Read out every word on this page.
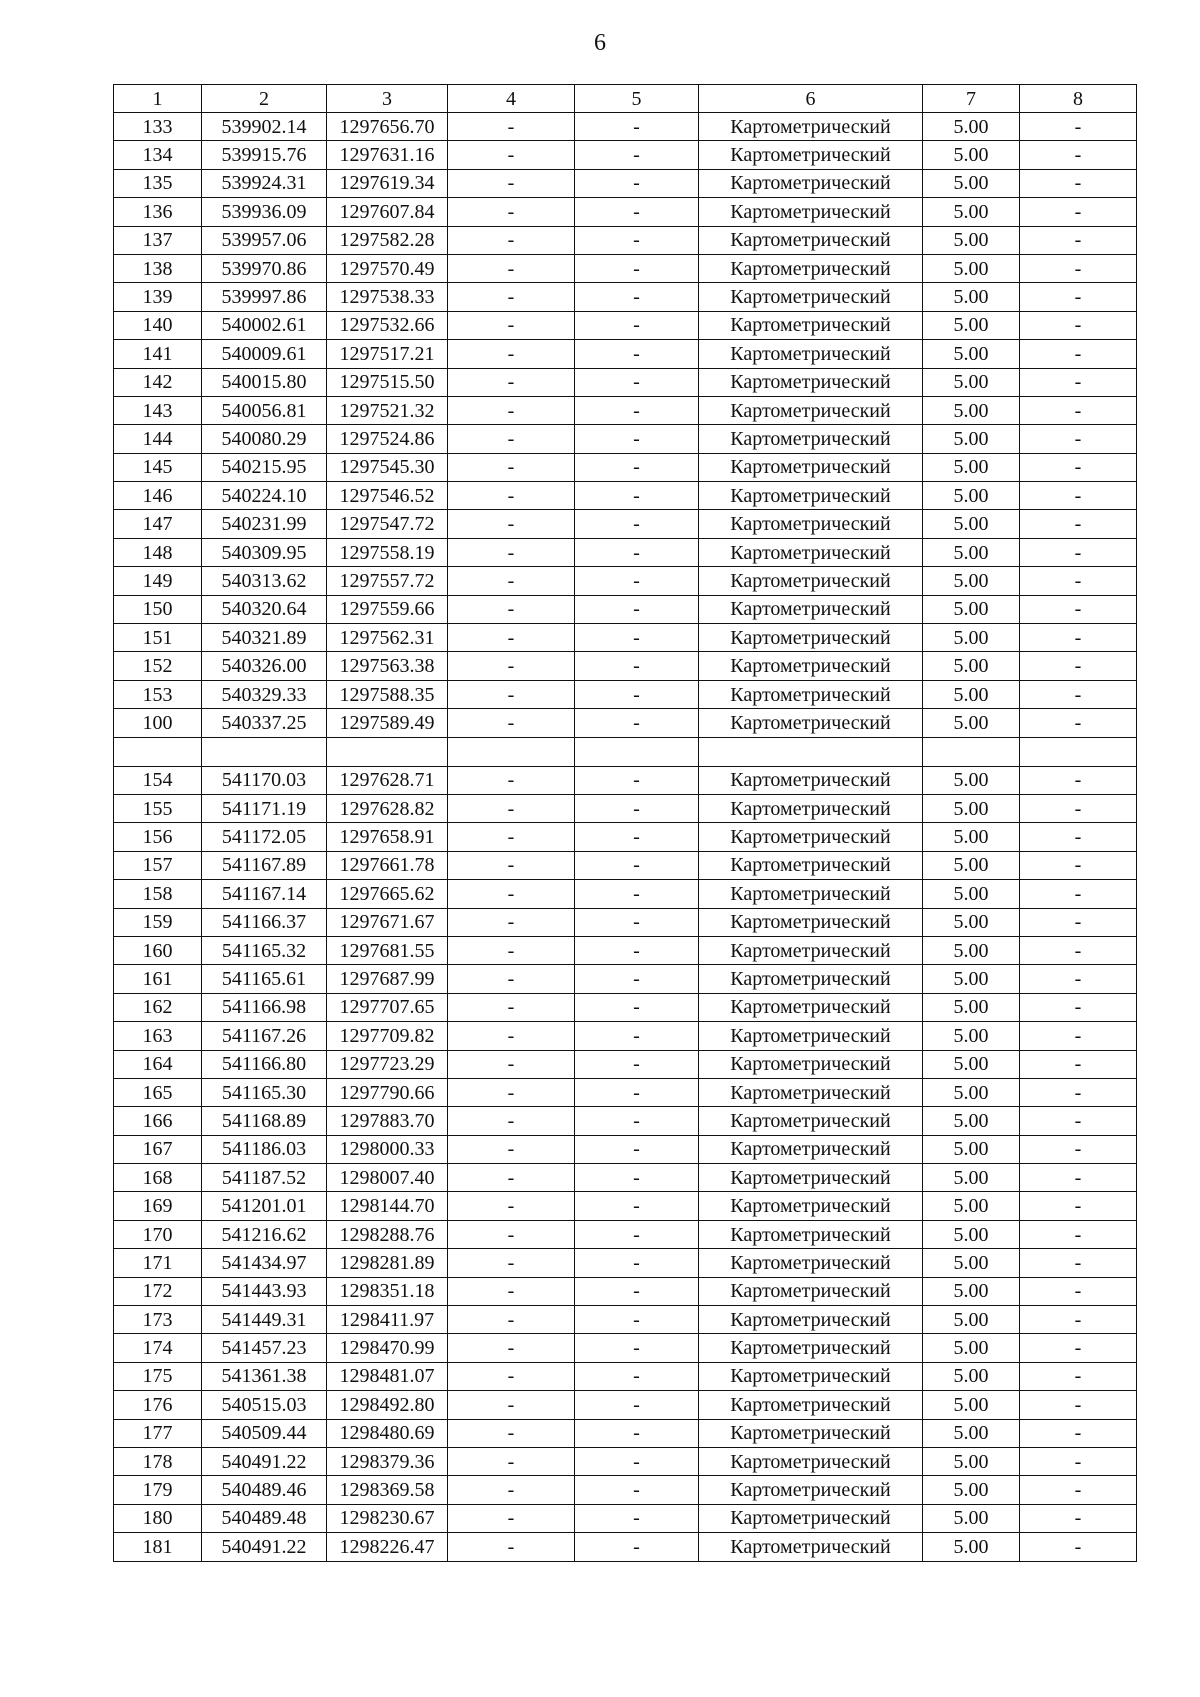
6
1	2	3	4	5	6	7	8
133	539902.14	1297656.70	-	-	Картометрический	5.00	-
134	539915.76	1297631.16	-	-	Картометрический	5.00	-
135	539924.31	1297619.34	-	-	Картометрический	5.00	-
136	539936.09	1297607.84	-	-	Картометрический	5.00	-
137	539957.06	1297582.28	-	-	Картометрический	5.00	-
138	539970.86	1297570.49	-	-	Картометрический	5.00	-
139	539997.86	1297538.33	-	-	Картометрический	5.00	-
140	540002.61	1297532.66	-	-	Картометрический	5.00	-
141	540009.61	1297517.21	-	-	Картометрический	5.00	-
142	540015.80	1297515.50	-	-	Картометрический	5.00	-
143	540056.81	1297521.32	-	-	Картометрический	5.00	-
144	540080.29	1297524.86	-	-	Картометрический	5.00	-
145	540215.95	1297545.30	-	-	Картометрический	5.00	-
146	540224.10	1297546.52	-	-	Картометрический	5.00	-
147	540231.99	1297547.72	-	-	Картометрический	5.00	-
148	540309.95	1297558.19	-	-	Картометрический	5.00	-
149	540313.62	1297557.72	-	-	Картометрический	5.00	-
150	540320.64	1297559.66	-	-	Картометрический	5.00	-
151	540321.89	1297562.31	-	-	Картометрический	5.00	-
152	540326.00	1297563.38	-	-	Картометрический	5.00	-
153	540329.33	1297588.35	-	-	Картометрический	5.00	-
100	540337.25	1297589.49	-	-	Картометрический	5.00	-

154	541170.03	1297628.71	-	-	Картометрический	5.00	-
155	541171.19	1297628.82	-	-	Картометрический	5.00	-
156	541172.05	1297658.91	-	-	Картометрический	5.00	-
157	541167.89	1297661.78	-	-	Картометрический	5.00	-
158	541167.14	1297665.62	-	-	Картометрический	5.00	-
159	541166.37	1297671.67	-	-	Картометрический	5.00	-
160	541165.32	1297681.55	-	-	Картометрический	5.00	-
161	541165.61	1297687.99	-	-	Картометрический	5.00	-
162	541166.98	1297707.65	-	-	Картометрический	5.00	-
163	541167.26	1297709.82	-	-	Картометрический	5.00	-
164	541166.80	1297723.29	-	-	Картометрический	5.00	-
165	541165.30	1297790.66	-	-	Картометрический	5.00	-
166	541168.89	1297883.70	-	-	Картометрический	5.00	-
167	541186.03	1298000.33	-	-	Картометрический	5.00	-
168	541187.52	1298007.40	-	-	Картометрический	5.00	-
169	541201.01	1298144.70	-	-	Картометрический	5.00	-
170	541216.62	1298288.76	-	-	Картометрический	5.00	-
171	541434.97	1298281.89	-	-	Картометрический	5.00	-
172	541443.93	1298351.18	-	-	Картометрический	5.00	-
173	541449.31	1298411.97	-	-	Картометрический	5.00	-
174	541457.23	1298470.99	-	-	Картометрический	5.00	-
175	541361.38	1298481.07	-	-	Картометрический	5.00	-
176	540515.03	1298492.80	-	-	Картометрический	5.00	-
177	540509.44	1298480.69	-	-	Картометрический	5.00	-
178	540491.22	1298379.36	-	-	Картометрический	5.00	-
179	540489.46	1298369.58	-	-	Картометрический	5.00	-
180	540489.48	1298230.67	-	-	Картометрический	5.00	-
181	540491.22	1298226.47	-	-	Картометрический	5.00	-
